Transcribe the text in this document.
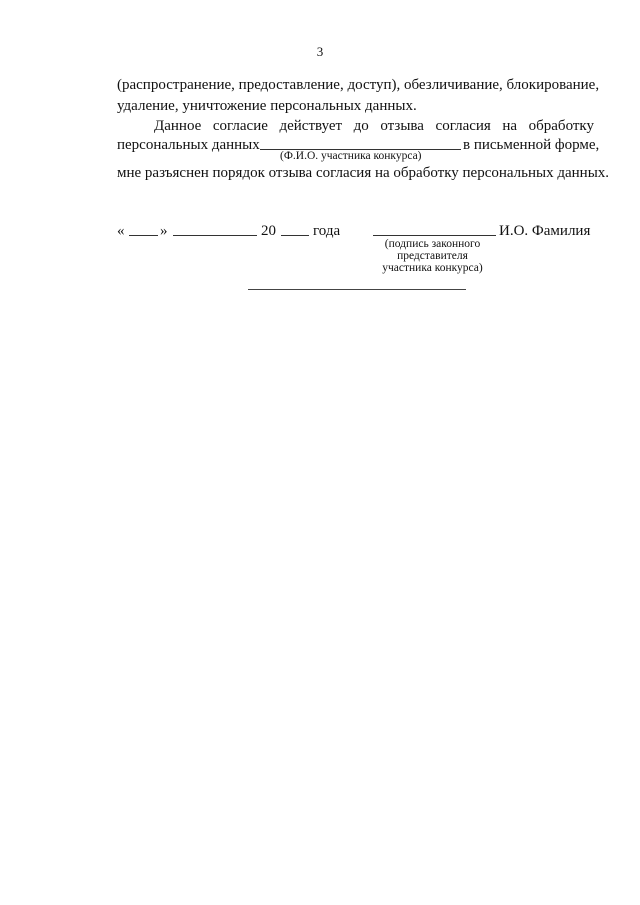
3
(распространение, предоставление, доступ), обезличивание, блокирование,
удаление, уничтожение персональных данных.
Данное согласие действует до отзыва согласия на обработку
персональных данных	в письменной форме,
(Ф.И.О. участника конкурса)
мне разъяснен порядок отзыва согласия на обработку персональных данных.
« »	20 года	И.О. Фамилия
(подпись законного
представителя
участника конкурса)
